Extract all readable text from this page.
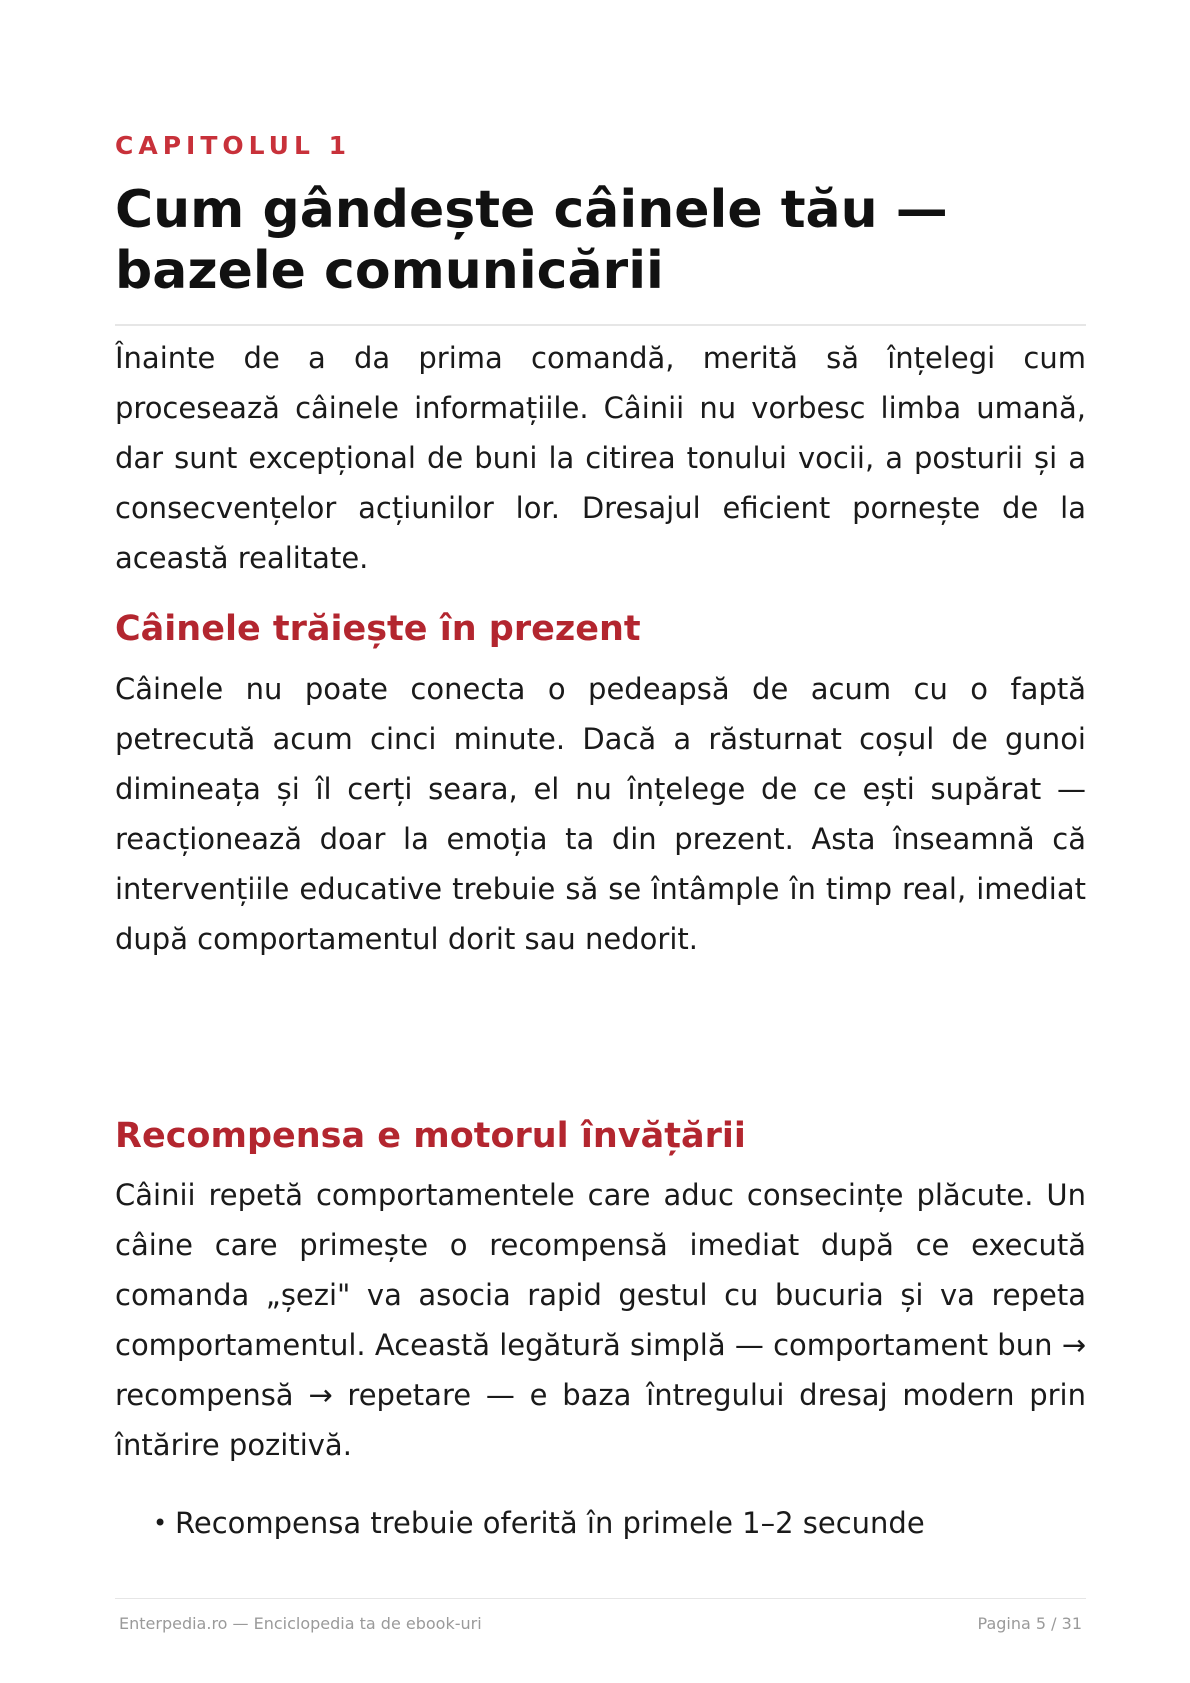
CAPITOLUL 1
Cum gândește câinele tău — bazele comunicării

Înainte de a da prima comandă, merită să înțelegi cum procesează câinele informațiile. Câinii nu vorbesc limba umană, dar sunt excepțional de buni la citirea tonului vocii, a posturii și a consecvențelor acțiunilor lor. Dresajul eficient pornește de la această realitate.

Câinele trăiește în prezent

Câinele nu poate conecta o pedeapsă de acum cu o faptă petrecută acum cinci minute. Dacă a răsturnat coșul de gunoi dimineața și îl cerți seara, el nu înțelege de ce ești supărat — reacționează doar la emoția ta din prezent. Asta înseamnă că intervențiile educative trebuie să se întâmple în timp real, imediat după comportamentul dorit sau nedorit.

Recompensa e motorul învățării

Câinii repetă comportamentele care aduc consecințe plăcute. Un câine care primește o recompensă imediat după ce execută comanda „șezi" va asocia rapid gestul cu bucuria și va repeta comportamentul. Această legătură simplă — comportament bun → recompensă → repetare — e baza întregului dresaj modern prin întărire pozitivă.

• Recompensa trebuie oferită în primele 1–2 secunde
Enterpedia.ro — Enciclopedia ta de ebook-uri	Pagina 5 / 31
